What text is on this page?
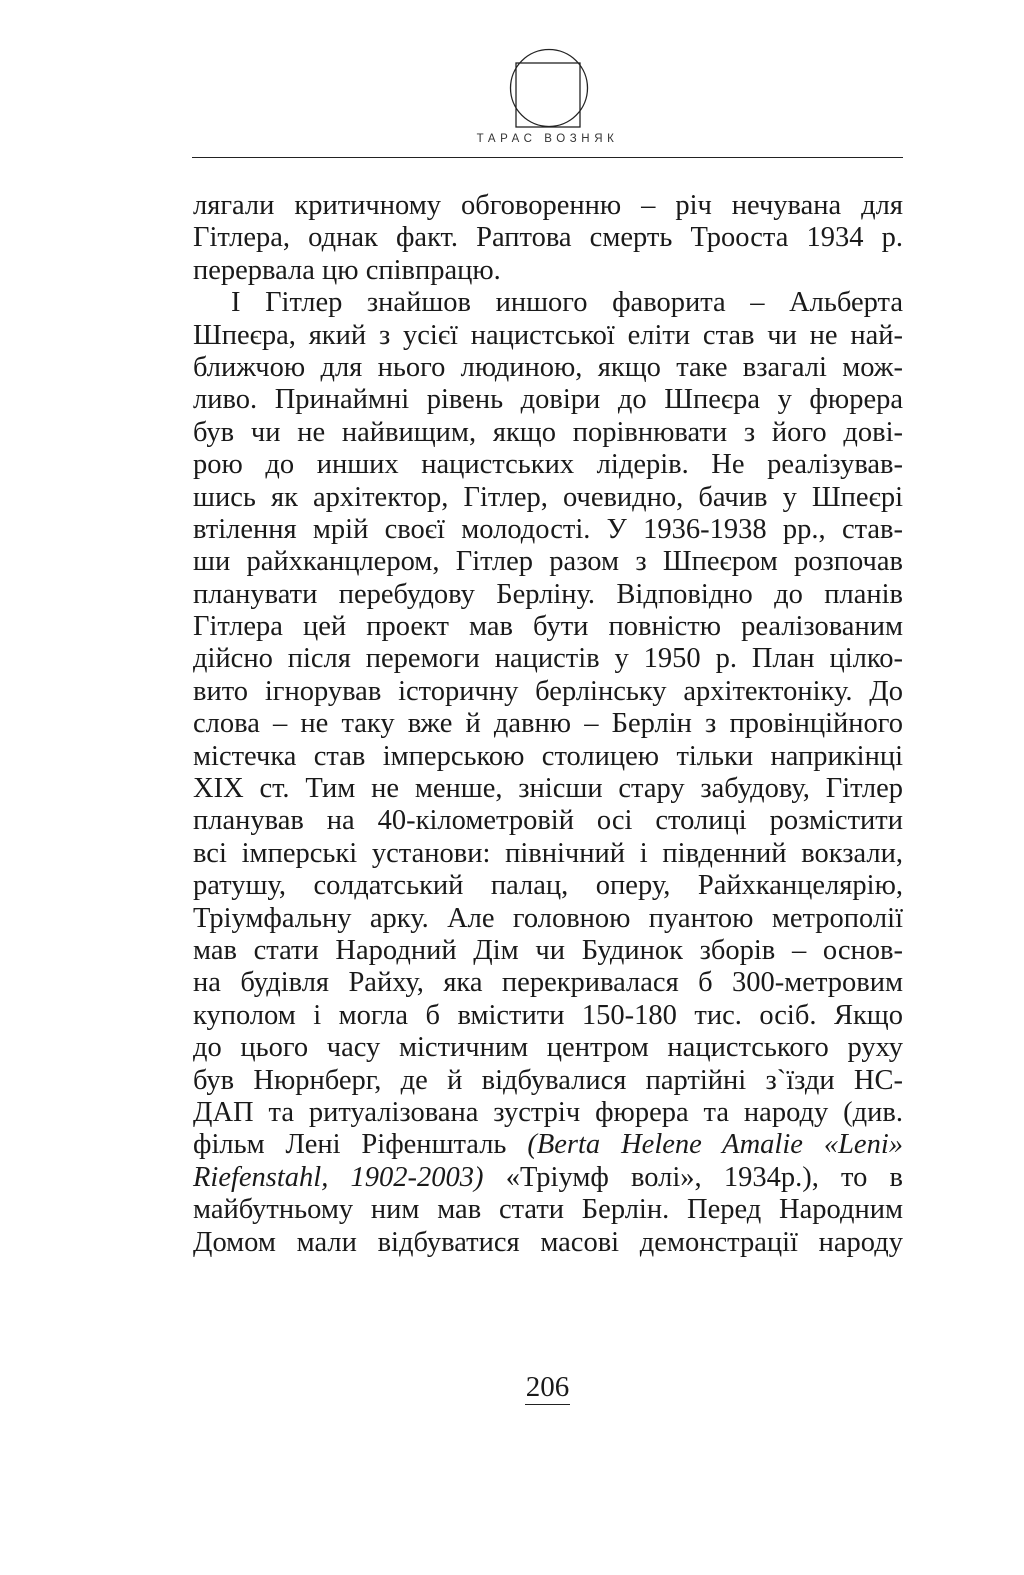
ТАРАС ВОЗНЯК
лягали критичному обговоренню – річ нечувана для
Гітлера, однак факт. Раптова смерть Трооста 1934 р.
перервала цю співпрацю.
І Гітлер знайшов иншого фаворита – Альберта
Шпеєра, який з усієї нацистської еліти став чи не най-
ближчою для нього людиною, якщо таке взагалі мож-
ливо. Принаймні рівень довіри до Шпеєра у фюрера
був чи не найвищим, якщо порівнювати з його дові-
рою до инших нацистських лідерів. Не реалізував-
шись як архітектор, Гітлер, очевидно, бачив у Шпеєрі
втілення мрій своєї молодості. У 1936-1938 рр., став-
ши райхканцлером, Гітлер разом з Шпеєром розпочав
планувати перебудову Берліну. Відповідно до планів
Гітлера цей проект мав бути повністю реалізованим
дійсно після перемоги нацистів у 1950 р. План цілко-
вито ігнорував історичну берлінську архітектоніку. До
слова – не таку вже й давню – Берлін з провінційного
містечка став імперською столицею тільки наприкінці
XIX ст. Тим не менше, знісши стару забудову, Гітлер
планував на 40-кілометровій осі столиці розмістити
всі імперські установи: північний і південний вокзали,
ратушу, солдатський палац, оперу, Райхканцелярію,
Тріумфальну арку. Але головною пуантою метрополії
мав стати Народний Дім чи Будинок зборів – основ-
на будівля Райху, яка перекривалася б 300-метровим
куполом і могла б вмістити 150-180 тис. осіб. Якщо
до цього часу містичним центром нацистського руху
був Нюрнберг, де й відбувалися партійні з`їзди НС-
ДАП та ритуалізована зустріч фюрера та народу (див.
фільм Лені Ріфеншталь (Berta Helene Amalie «Leni»
Riefenstahl, 1902-2003) «Тріумф волі», 1934р.), то в
майбутньому ним мав стати Берлін. Перед Народним
Домом мали відбуватися масові демонстрації народу
206
